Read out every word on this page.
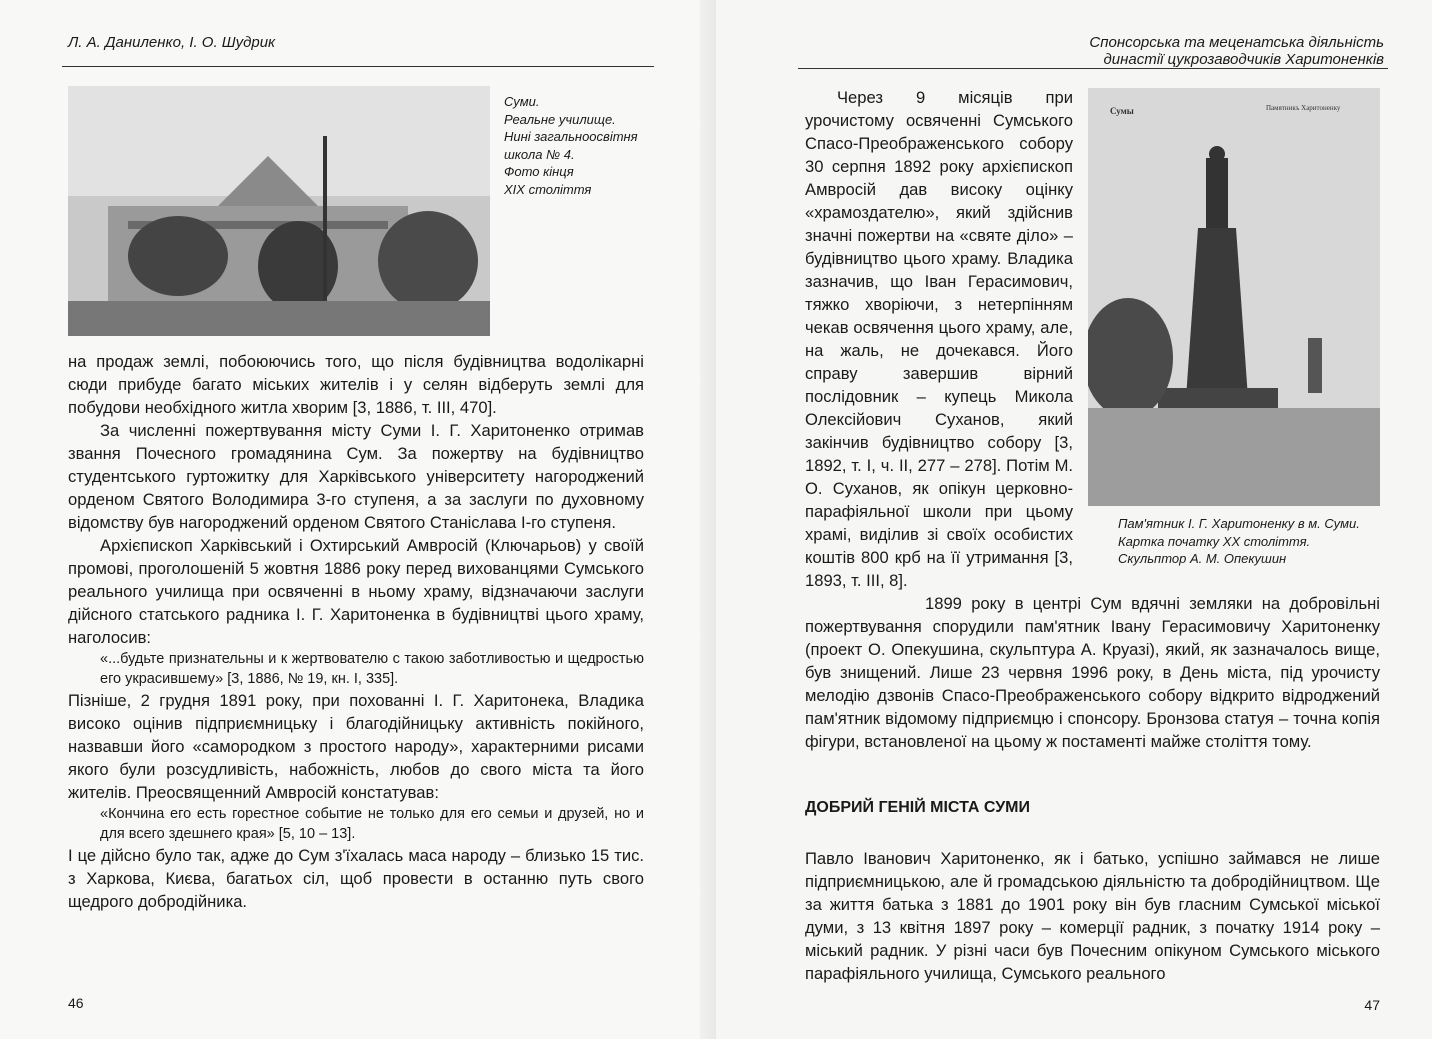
Л. А. Даниленко, І. О. Шудрик
Суми.
Реальне училище.
Нині загальноосвітня
школа № 4.
Фото кінця
XIX століття

на продаж землі, побоюючись того, що після будівництва водолікарні сюди прибуде багато міських жителів і у селян відберуть землі для побудови необхідного житла хворим [3, 1886, т. III, 470].

За численні пожертвування місту Суми І. Г. Харитоненко отримав звання Почесного громадянина Сум. За пожертву на будівництво студентського гуртожитку для Харківського університету нагороджений орденом Святого Володимира 3-го ступеня, а за заслуги по духовному відомству був нагороджений орденом Святого Станіслава І-го ступеня.

Архієпископ Харківський і Охтирський Амвросій (Ключарьов) у своїй промові, проголошеній 5 жовтня 1886 року перед вихованцями Сумського реального училища при освяченні в ньому храму, відзначаючи заслуги дійсного статського радника І. Г. Харитоненка в будівництві цього храму, наголосив:

«...будьте признательны и к жертвователю с такою заботливостью и щедростью его украсившему» [3, 1886, № 19, кн. І, 335].

Пізніше, 2 грудня 1891 року, при похованні І. Г. Харитонека, Владика високо оцінив підприємницьку і благодійницьку активність покійного, назвавши його «самородком з простого народу», характерними рисами якого були розсудливість, набожність, любов до свого міста та його жителів. Преосвященний Амвросій констатував:

«Кончина его есть горестное событие не только для его семьи и друзей, но и для всего здешнего края» [5, 10 – 13].

І це дійсно було так, адже до Сум з'їхалась маса народу – близько 15 тис. з Харкова, Києва, багатьох сіл, щоб провести в останню путь свого щедрого добродійника.

46
Спонсорська та меценатська діяльність
династії цукрозаводчиків Харитоненків
Сумы	Памятникъ Харитоненку
Пам'ятник І. Г. Харитоненку в м. Суми.
Картка початку XX століття.
Скульптор А. М. Опекушин

Через 9 місяців при урочистому освяченні Сумського Спасо-Преображенського собору 30 серпня 1892 року архієпископ Амвросій дав високу оцінку «храмоздателю», який здійснив значні пожертви на «святе діло» – будівництво цього храму. Владика зазначив, що Іван Герасимович, тяжко хворіючи, з нетерпінням чекав освячення цього храму, але, на жаль, не дочекався. Його справу завершив вірний послідовник – купець Микола Олексійович Суханов, який закінчив будівництво собору [3, 1892, т. І, ч. ІІ, 277 – 278]. Потім М. О. Суханов, як опікун церковно-парафіяльної школи при цьому храмі, виділив зі своїх особистих коштів 800 крб на її утримання [3, 1893, т. III, 8].

1899 року в центрі Сум вдячні земляки на добровільні пожертвування спорудили пам'ятник Івану Герасимовичу Харитоненку (проект О. Опекушина, скульптура А. Круазі), який, як зазначалось вище, був знищений. Лише 23 червня 1996 року, в День міста, під урочисту мелодію дзвонів Спасо-Преображенського собору відкрито відроджений пам'ятник відомому підприємцю і спонсору. Бронзова статуя – точна копія фігури, встановленої на цьому ж постаменті майже століття тому.

ДОБРИЙ ГЕНІЙ МІСТА СУМИ

Павло Іванович Харитоненко, як і батько, успішно займався не лише підприємницькою, але й громадською діяльністю та добродійництвом. Ще за життя батька з 1881 до 1901 року він був гласним Сумської міської думи, з 13 квітня 1897 року – комерції радник, з початку 1914 року – міський радник. У різні часи був Почесним опікуном Сумського міського парафіяльного училища, Сумського реального

47
